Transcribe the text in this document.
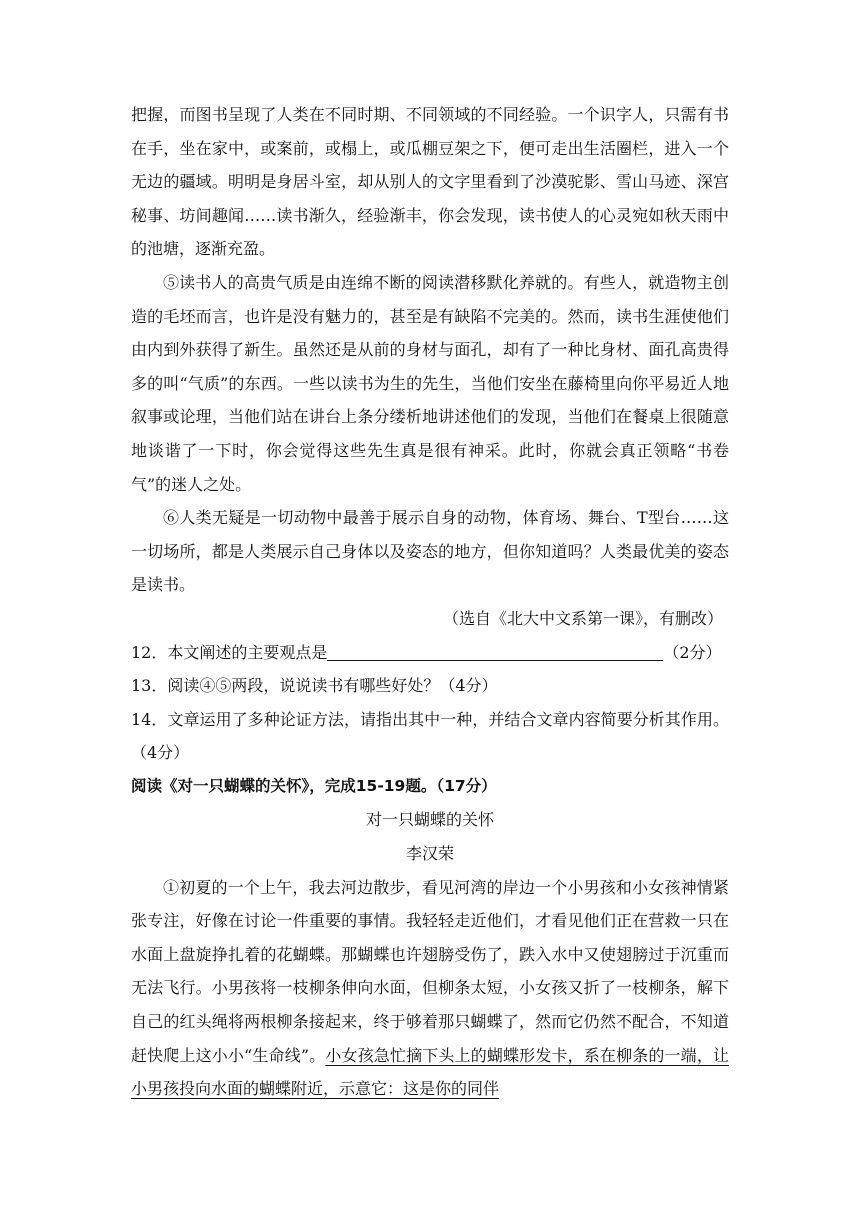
把握，而图书呈现了人类在不同时期、不同领域的不同经验。一个识字人，只需有书在手，坐在家中，或案前，或榻上，或瓜棚豆架之下，便可走出生活圈栏，进入一个无边的疆域。明明是身居斗室，却从别人的文字里看到了沙漠驼影、雪山马迹、深宫秘事、坊间趣闻……读书渐久，经验渐丰，你会发现，读书使人的心灵宛如秋天雨中的池塘，逐渐充盈。

⑤读书人的高贵气质是由连绵不断的阅读潜移默化养就的。有些人，就造物主创造的毛坯而言，也许是没有魅力的，甚至是有缺陷不完美的。然而，读书生涯使他们由内到外获得了新生。虽然还是从前的身材与面孔，却有了一种比身材、面孔高贵得多的叫“气质”的东西。一些以读书为生的先生，当他们安坐在藤椅里向你平易近人地叙事或论理，当他们站在讲台上条分缕析地讲述他们的发现，当他们在餐桌上很随意地谈谐了一下时，你会觉得这些先生真是很有神采。此时，你就会真正领略“书卷气”的迷人之处。

⑥人类无疑是一切动物中最善于展示自身的动物，体育场、舞台、T型台……这一切场所，都是人类展示自己身体以及姿态的地方，但你知道吗？人类最优美的姿态是读书。

（选自《北大中文系第一课》，有删改）

12．本文阐述的主要观点是	（2分）

13．阅读④⑤两段，说说读书有哪些好处？（4分）

14．文章运用了多种论证方法，请指出其中一种，并结合文章内容简要分析其作用。（4分）

阅读《对一只蝴蝶的关怀》，完成15-19题。（17分）

对一只蝴蝶的关怀

李汉荣

①初夏的一个上午，我去河边散步，看见河湾的岸边一个小男孩和小女孩神情紧张专注，好像在讨论一件重要的事情。我轻轻走近他们，才看见他们正在营救一只在水面上盘旋挣扎着的花蝴蝶。那蝴蝶也许翅膀受伤了，跌入水中又使翅膀过于沉重而无法飞行。小男孩将一枝柳条伸向水面，但柳条太短，小女孩又折了一枝柳条，解下自己的红头绳将两根柳条接起来，终于够着那只蝴蝶了，然而它仍然不配合，不知道赶快爬上这小小“生命线”。小女孩急忙摘下头上的蝴蝶形发卡，系在柳条的一端，让小男孩投向水面的蝴蝶附近，示意它：这是你的同伴
